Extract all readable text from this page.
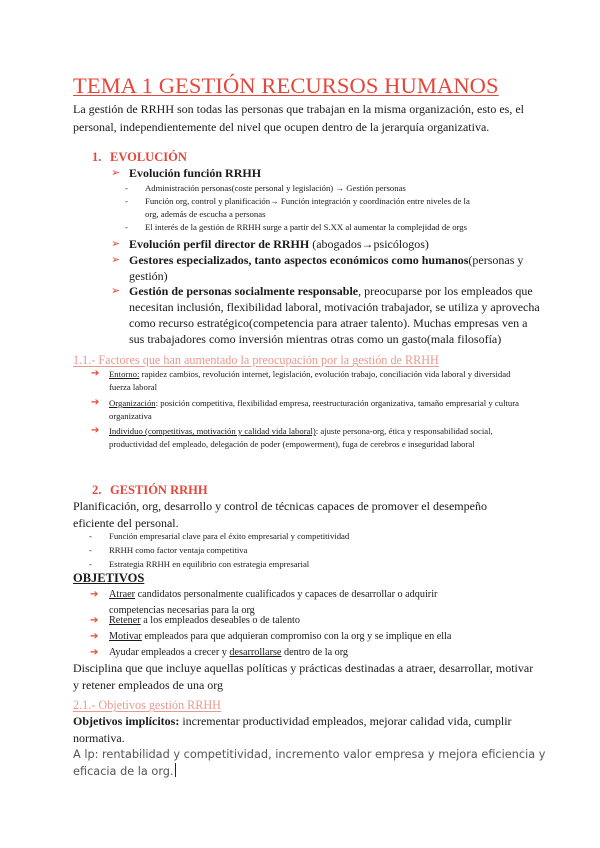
TEMA 1 GESTIÓN RECURSOS HUMANOS
La gestión de RRHH son todas las personas que trabajan en la misma organización, esto es, el personal, independientemente del nivel que ocupen dentro de la jerarquía organizativa.
1. EVOLUCIÓN
➢ Evolución función RRHH
- Administración personas(coste personal y legislación) → Gestión personas
- Función org, control y planificación→ Función integración y coordinación entre niveles de la org, además de escucha a personas
- El interés de la gestión de RRHH surge a partir del S.XX al aumentar la complejidad de orgs
➢ Evolución perfil director de RRHH (abogados→psicólogos)
➢ Gestores especializados, tanto aspectos económicos como humanos(personas y gestión)
➢ Gestión de personas socialmente responsable, preocuparse por los empleados que necesitan inclusión, flexibilidad laboral, motivación trabajador, se utiliza y aprovecha como recurso estratégico(competencia para atraer talento). Muchas empresas ven a sus trabajadores como inversión mientras otras como un gasto(mala filosofía)
1.1.- Factores que han aumentado la preocupación por la gestión de RRHH
➔ Entorno: rapidez cambios, revolución internet, legislación, evolución trabajo, conciliación vida laboral y diversidad fuerza laboral
➔ Organización: posición competitiva, flexibilidad empresa, reestructuración organizativa, tamaño empresarial y cultura organizativa
➔ Individuo (competitivas, motivación y calidad vida laboral): ajuste persona-org, ética y responsabilidad social, productividad del empleado, delegación de poder (empowerment), fuga de cerebros e inseguridad laboral
2. GESTIÓN RRHH
Planificación, org, desarrollo y control de técnicas capaces de promover el desempeño eficiente del personal.
- Función empresarial clave para el éxito empresarial y competitividad
- RRHH como factor ventaja competitiva
- Estrategia RRHH en equilibrio con estrategia empresarial
OBJETIVOS
➔ Atraer candidatos personalmente cualificados y capaces de desarrollar o adquirir competencias necesarias para la org
➔ Retener a los empleados deseables o de talento
➔ Motivar empleados para que adquieran compromiso con la org y se implique en ella
➔ Ayudar empleados a crecer y desarrollarse dentro de la org
Disciplina que que incluye aquellas políticas y prácticas destinadas a atraer, desarrollar, motivar y retener empleados de una org
2.1.- Objetivos gestión RRHH
Objetivos implícitos: incrementar productividad empleados, mejorar calidad vida, cumplir normativa.
A lp: rentabilidad y competitividad, incremento valor empresa y mejora eficiencia y eficacia de la org.
